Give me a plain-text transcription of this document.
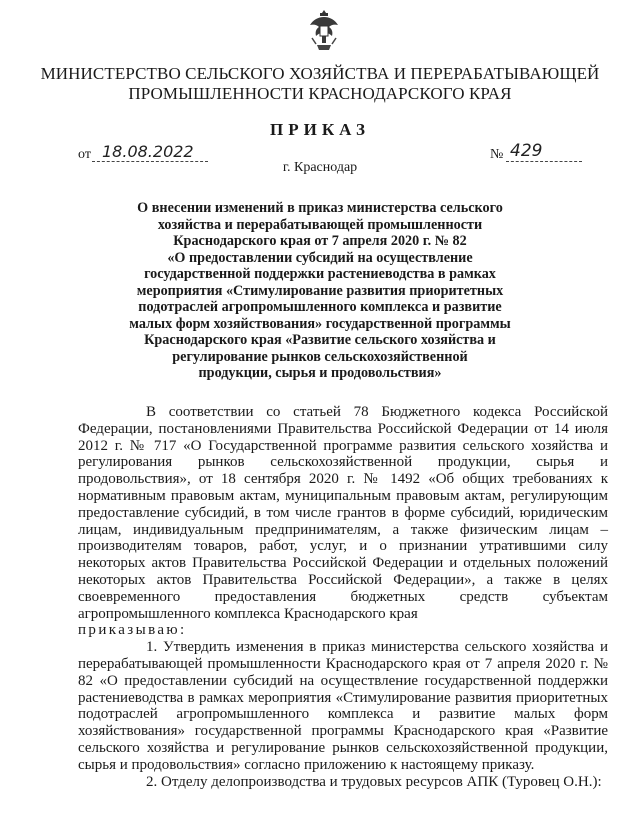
МИНИСТЕРСТВО СЕЛЬСКОГО ХОЗЯЙСТВА И ПЕРЕРАБАТЫВАЮЩЕЙ
ПРОМЫШЛЕННОСТИ КРАСНОДАРСКОГО КРАЯ
ПРИКАЗ
от 18.08.2022	№ 429
г. Краснодар
О внесении изменений в приказ министерства сельского
хозяйства и перерабатывающей промышленности
Краснодарского края от 7 апреля 2020 г. № 82
«О предоставлении субсидий на осуществление
государственной поддержки растениеводства в рамках
мероприятия «Стимулирование развития приоритетных
подотраслей агропромышленного комплекса и развитие
малых форм хозяйствования» государственной программы
Краснодарского края «Развитие сельского хозяйства и
регулирование рынков сельскохозяйственной
продукции, сырья и продовольствия»

В соответствии со статьей 78 Бюджетного кодекса Российской Федерации, постановлениями Правительства Российской Федерации от 14 июля 2012 г. № 717 «О Государственной программе развития сельского хозяйства и регулирования рынков сельскохозяйственной продукции, сырья и продовольствия», от 18 сентября 2020 г. № 1492 «Об общих требованиях к нормативным правовым актам, муниципальным правовым актам, регулирующим предоставление субсидий, в том числе грантов в форме субсидий, юридическим лицам, индивидуальным предпринимателям, а также физическим лицам – производителям товаров, работ, услуг, и о признании утратившими силу некоторых актов Правительства Российской Федерации и отдельных положений некоторых актов Правительства Российской Федерации», а также в целях своевременного предоставления бюджетных средств субъектам агропромышленного комплекса Краснодарского края

приказываю:

1. Утвердить изменения в приказ министерства сельского хозяйства и перерабатывающей промышленности Краснодарского края от 7 апреля 2020 г. № 82 «О предоставлении субсидий на осуществление государственной поддержки растениеводства в рамках мероприятия «Стимулирование развития приоритетных подотраслей агропромышленного комплекса и развитие малых форм хозяйствования» государственной программы Краснодарского края «Развитие сельского хозяйства и регулирование рынков сельскохозяйственной продукции, сырья и продовольствия» согласно приложению к настоящему приказу.

2. Отделу делопроизводства и трудовых ресурсов АПК (Туровец О.Н.):
